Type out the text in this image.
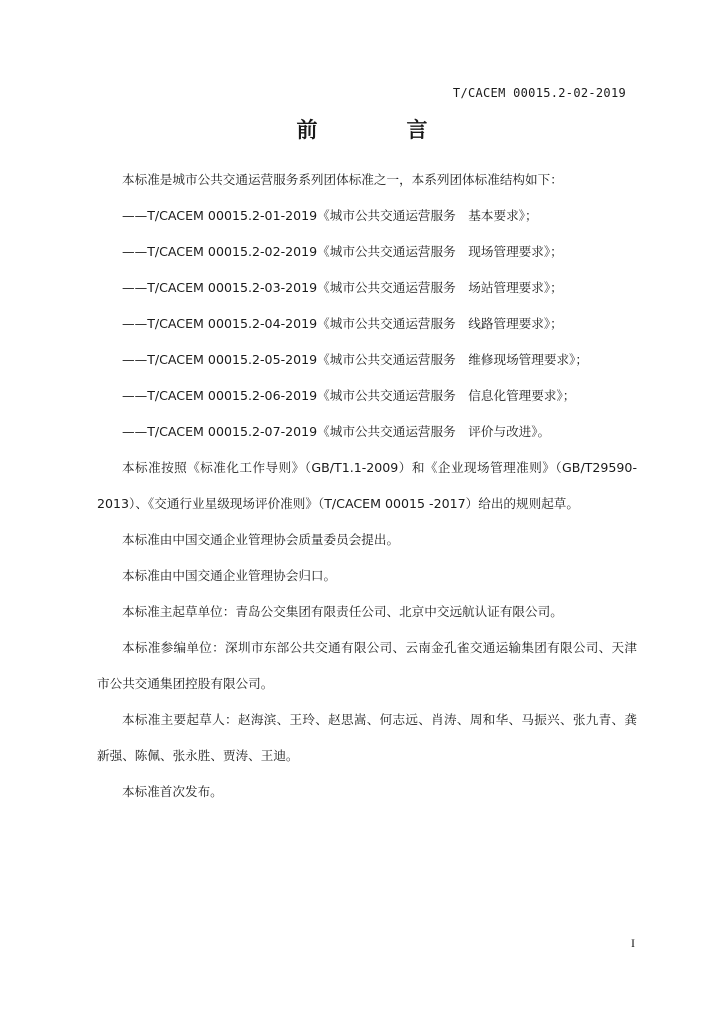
T/CACEM 00015.2-02-2019
前　言

本标准是城市公共交通运营服务系列团体标准之一，本系列团体标准结构如下：

——T/CACEM 00015.2-01-2019《城市公共交通运营服务　基本要求》；

——T/CACEM 00015.2-02-2019《城市公共交通运营服务　现场管理要求》；

——T/CACEM 00015.2-03-2019《城市公共交通运营服务　场站管理要求》；

——T/CACEM 00015.2-04-2019《城市公共交通运营服务　线路管理要求》；

——T/CACEM 00015.2-05-2019《城市公共交通运营服务　维修现场管理要求》；

——T/CACEM 00015.2-06-2019《城市公共交通运营服务　信息化管理要求》；

——T/CACEM 00015.2-07-2019《城市公共交通运营服务　评价与改进》。

本标准按照《标准化工作导则》（GB/T1.1-2009）和《企业现场管理准则》（GB/T29590-2013）、《交通行业星级现场评价准则》（T/CACEM 00015 -2017）给出的规则起草。

本标准由中国交通企业管理协会质量委员会提出。

本标准由中国交通企业管理协会归口。

本标准主起草单位：青岛公交集团有限责任公司、北京中交远航认证有限公司。

本标准参编单位：深圳市东部公共交通有限公司、云南金孔雀交通运输集团有限公司、天津市公共交通集团控股有限公司。

本标准主要起草人：赵海滨、王玲、赵思嵩、何志远、肖涛、周和华、马振兴、张九青、龚新强、陈佩、张永胜、贾涛、王迪。

本标准首次发布。

I
